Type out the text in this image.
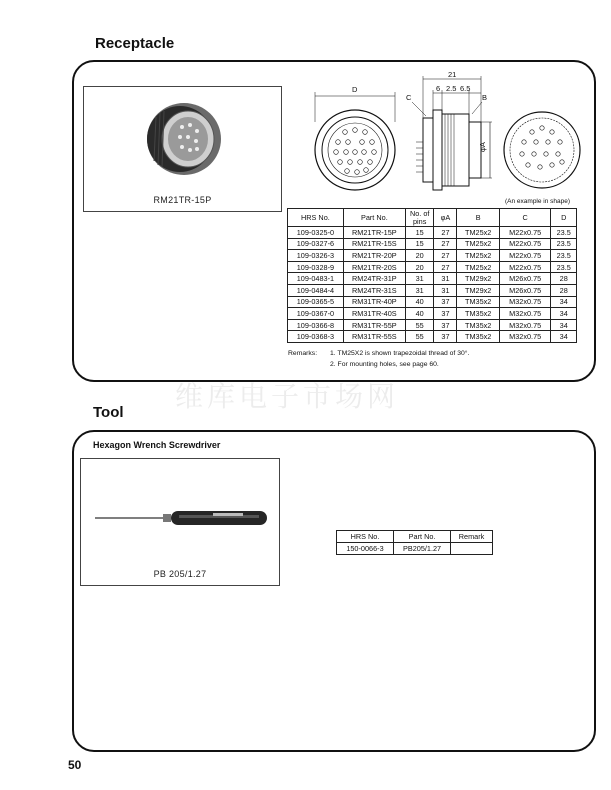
Receptacle
Tool
RM21TR-15P
D
21
6 2.5 6.5
C	B
φA
(An example in shape)
HRS No.	Part No.	No. of pins	φA	B	C	D
109-0325-0	RM21TR-15P	15	27	TM25x2	M22x0.75	23.5
109-0327-6	RM21TR-15S	15	27	TM25x2	M22x0.75	23.5
109-0326-3	RM21TR-20P	20	27	TM25x2	M22x0.75	23.5
109-0328-9	RM21TR-20S	20	27	TM25x2	M22x0.75	23.5
109-0483-1	RM24TR-31P	31	31	TM29x2	M26x0.75	28
109-0484-4	RM24TR-31S	31	31	TM29x2	M26x0.75	28
109-0365-5	RM31TR-40P	40	37	TM35x2	M32x0.75	34
109-0367-0	RM31TR-40S	40	37	TM35x2	M32x0.75	34
109-0366-8	RM31TR-55P	55	37	TM35x2	M32x0.75	34
109-0368-3	RM31TR-55S	55	37	TM35x2	M32x0.75	34
Remarks: 1. TM25X2 is shown trapezoidal thread of 30°.
2. For mounting holes, see page 60.
维库电子市场网
Hexagon Wrench Screwdriver
PB 205/1.27
HRS No.	Part No.	Remark
150-0066-3	PB205/1.27	
50
